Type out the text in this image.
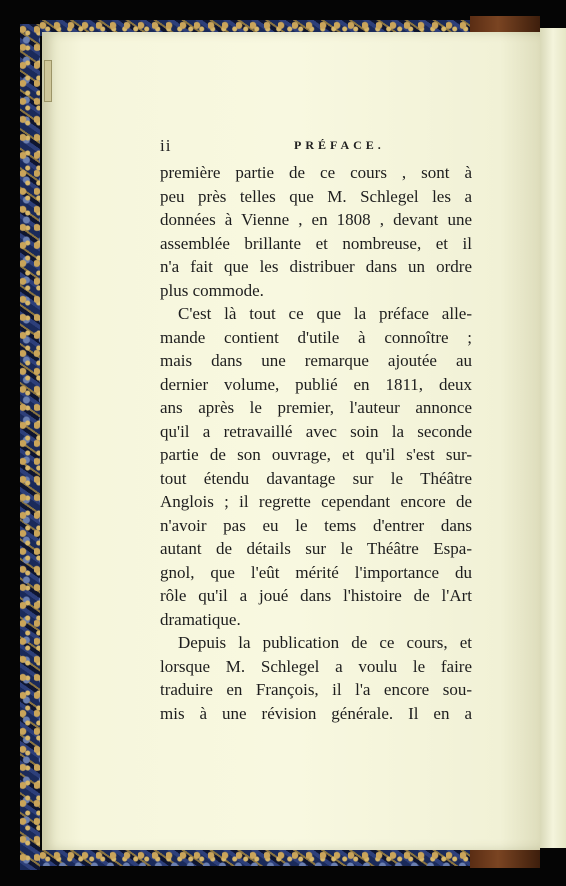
ii	PRÉFACE.
première partie de ce cours , sont à
peu près telles que M. Schlegel les a
données à Vienne , en 1808 , devant une
assemblée brillante et nombreuse, et il
n'a fait que les distribuer dans un ordre
plus commode.
C'est là tout ce que la préface alle-
mande contient d'utile à connoître ;
mais dans une remarque ajoutée au
dernier volume, publié en 1811, deux
ans après le premier, l'auteur annonce
qu'il a retravaillé avec soin la seconde
partie de son ouvrage, et qu'il s'est sur-
tout étendu davantage sur le Théâtre
Anglois ; il regrette cependant encore de
n'avoir pas eu le tems d'entrer dans
autant de détails sur le Théâtre Espa-
gnol, que l'eût mérité l'importance du
rôle qu'il a joué dans l'histoire de l'Art
dramatique.
Depuis la publication de ce cours, et
lorsque M. Schlegel a voulu le faire
traduire en François, il l'a encore sou-
mis à une révision générale. Il en a
